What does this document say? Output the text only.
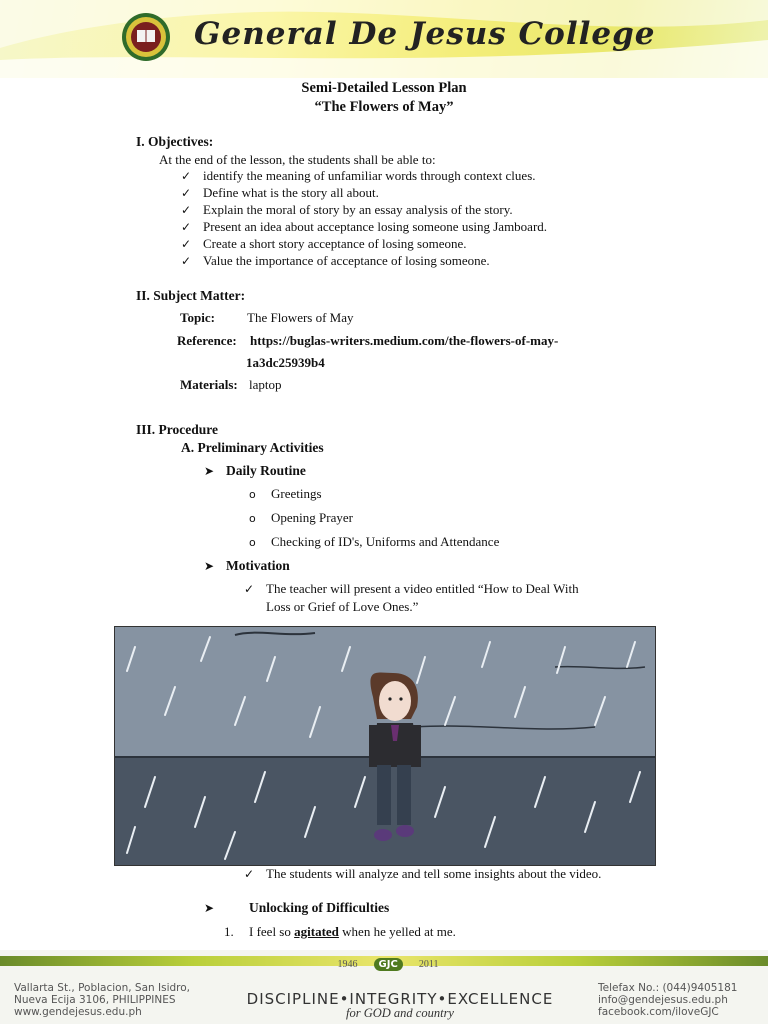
General De Jesus College
Semi-Detailed Lesson Plan
“The Flowers of May”
I. Objectives:
At the end of the lesson, the students shall be able to:
✓ identify the meaning of unfamiliar words through context clues.
✓ Define what is the story all about.
✓ Explain the moral of story by an essay analysis of the story.
✓ Present an idea about acceptance losing someone using Jamboard.
✓ Create a short story acceptance of losing someone.
✓ Value the importance of acceptance of losing someone.
II. Subject Matter:
Topic: The Flowers of May
Reference: https://buglas-writers.medium.com/the-flowers-of-may-
1a3dc25939b4
Materials: laptop
III. Procedure
A. Preliminary Activities
➤ Daily Routine
o Greetings
o Opening Prayer
o Checking of ID's, Uniforms and Attendance
➤ Motivation
✓ The teacher will present a video entitled “How to Deal With
Loss or Grief of Love Ones.”
✓ The students will analyze and tell some insights about the video.
➤	Unlocking of Difficulties
1. I feel so agitated when he yelled at me.
1946 GJC 2011
Vallarta St., Poblacion, San Isidro,
Nueva Ecija 3106, PHILIPPINES
www.gendejesus.edu.ph
DISCIPLINE•INTEGRITY•EXCELLENCE
for GOD and country
Telefax No.: (044)9405181
info@gendejesus.edu.ph
facebook.com/iloveGJC
